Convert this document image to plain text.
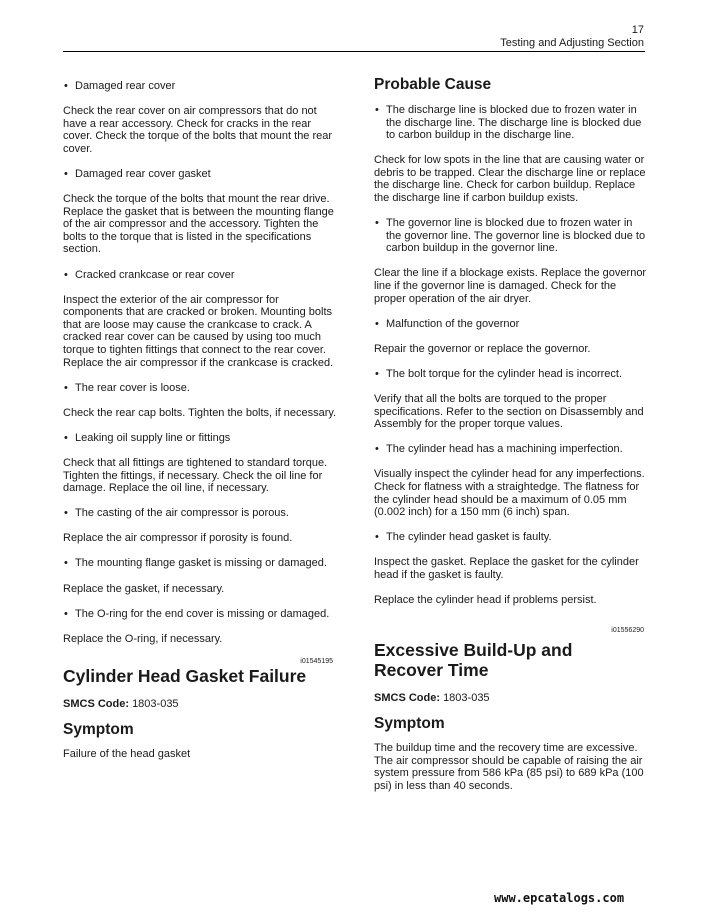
17
Testing and Adjusting Section
• Damaged rear cover
Check the rear cover on air compressors that do not have a rear accessory. Check for cracks in the rear cover. Check the torque of the bolts that mount the rear cover.
• Damaged rear cover gasket
Check the torque of the bolts that mount the rear drive. Replace the gasket that is between the mounting flange of the air compressor and the accessory. Tighten the bolts to the torque that is listed in the specifications section.
• Cracked crankcase or rear cover
Inspect the exterior of the air compressor for components that are cracked or broken. Mounting bolts that are loose may cause the crankcase to crack. A cracked rear cover can be caused by using too much torque to tighten fittings that connect to the rear cover. Replace the air compressor if the crankcase is cracked.
• The rear cover is loose.
Check the rear cap bolts. Tighten the bolts, if necessary.
• Leaking oil supply line or fittings
Check that all fittings are tightened to standard torque. Tighten the fittings, if necessary. Check the oil line for damage. Replace the oil line, if necessary.
• The casting of the air compressor is porous.
Replace the air compressor if porosity is found.
• The mounting flange gasket is missing or damaged.
Replace the gasket, if necessary.
• The O-ring for the end cover is missing or damaged.
Replace the O-ring, if necessary.
i01545195
Cylinder Head Gasket Failure
SMCS Code: 1803-035
Symptom
Failure of the head gasket
Probable Cause
• The discharge line is blocked due to frozen water in the discharge line. The discharge line is blocked due to carbon buildup in the discharge line.
Check for low spots in the line that are causing water or debris to be trapped. Clear the discharge line or replace the discharge line. Check for carbon buildup. Replace the discharge line if carbon buildup exists.
• The governor line is blocked due to frozen water in the governor line. The governor line is blocked due to carbon buildup in the governor line.
Clear the line if a blockage exists. Replace the governor line if the governor line is damaged. Check for the proper operation of the air dryer.
• Malfunction of the governor
Repair the governor or replace the governor.
• The bolt torque for the cylinder head is incorrect.
Verify that all the bolts are torqued to the proper specifications. Refer to the section on Disassembly and Assembly for the proper torque values.
• The cylinder head has a machining imperfection.
Visually inspect the cylinder head for any imperfections. Check for flatness with a straightedge. The flatness for the cylinder head should be a maximum of 0.05 mm (0.002 inch) for a 150 mm (6 inch) span.
• The cylinder head gasket is faulty.
Inspect the gasket. Replace the gasket for the cylinder head if the gasket is faulty.
Replace the cylinder head if problems persist.
i01556290
Excessive Build-Up and Recover Time
SMCS Code: 1803-035
Symptom
The buildup time and the recovery time are excessive. The air compressor should be capable of raising the air system pressure from 586 kPa (85 psi) to 689 kPa (100 psi) in less than 40 seconds.
www.epcatalogs.com
